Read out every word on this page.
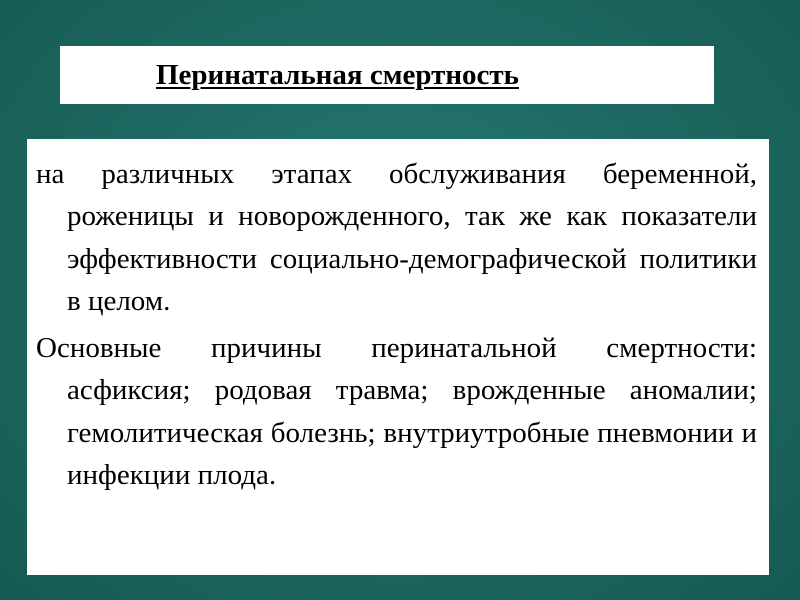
Перинатальная смертность

на различных этапах обслуживания беременной, роженицы и новорожденного, так же как показатели эффективности социально-демографической политики в целом.

Основные причины перинатальной смертности: асфиксия; родовая травма; врожденные аномалии; гемолитическая болезнь; внутриутробные пневмонии и инфекции плода.
